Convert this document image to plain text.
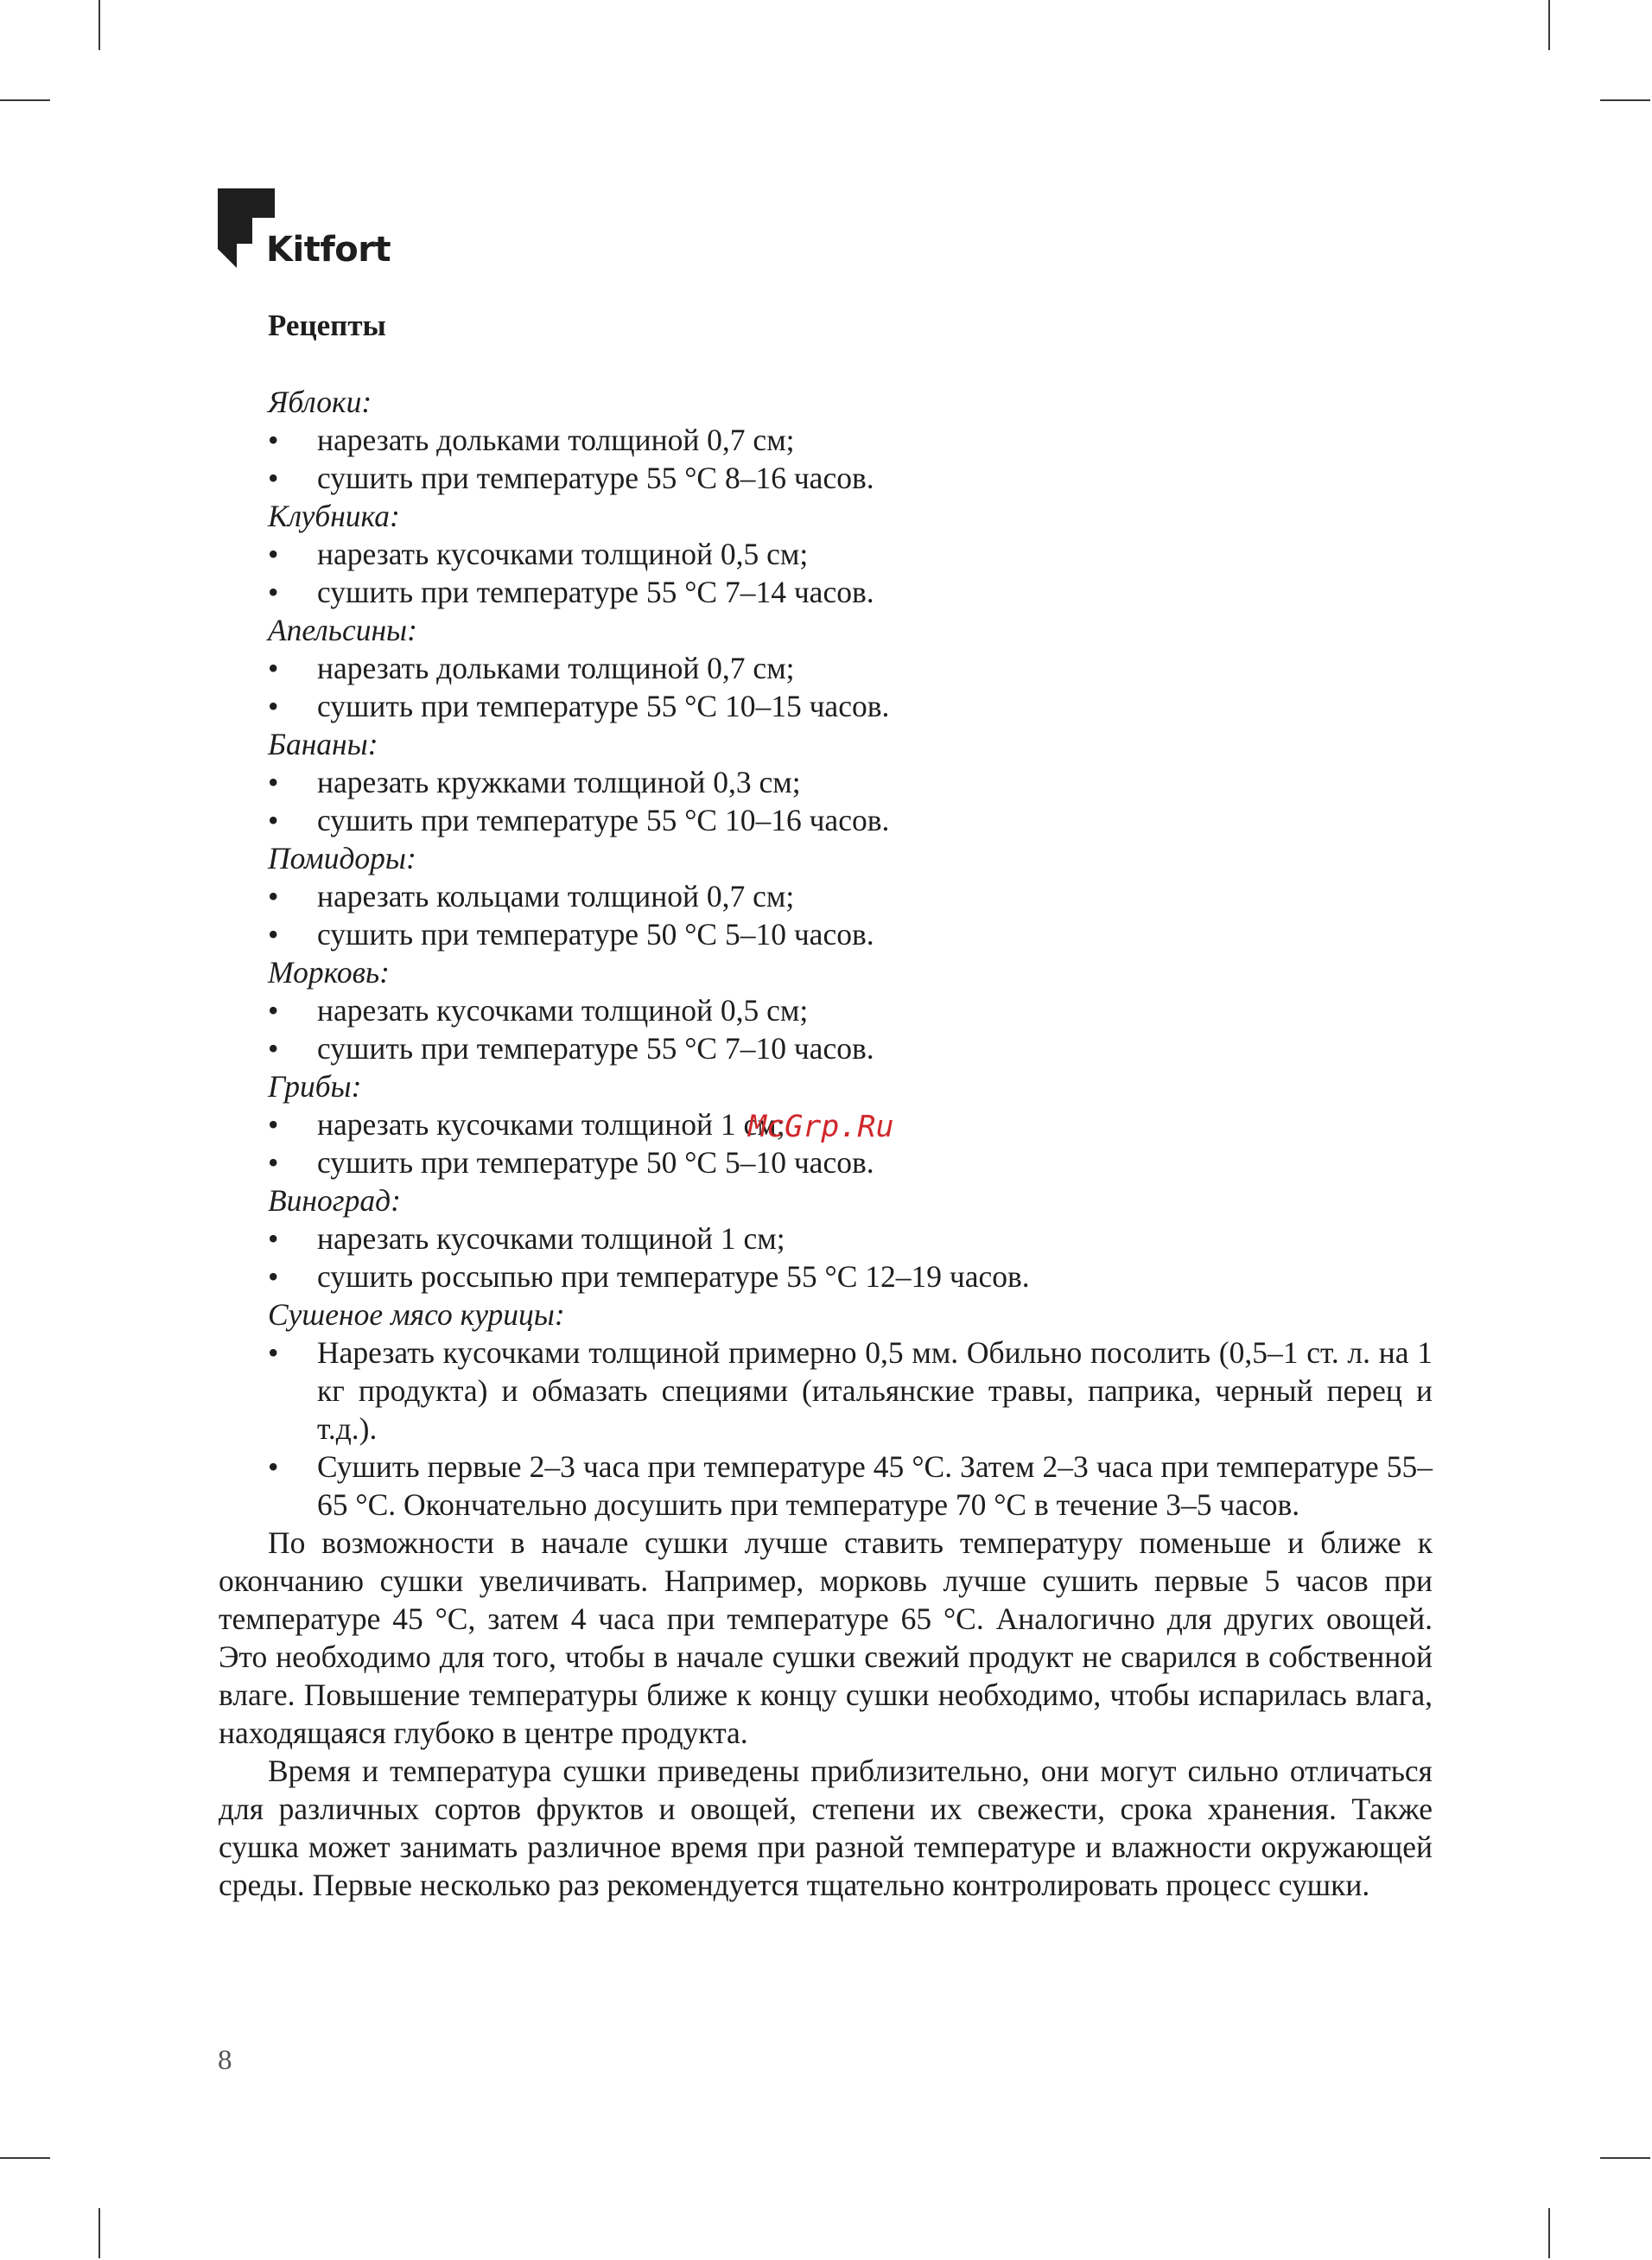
Kitfort
Рецепты
Яблоки:
• нарезать дольками толщиной 0,7 см;
• сушить при температуре 55 °С 8–16 часов.
Клубника:
• нарезать кусочками толщиной 0,5 см;
• сушить при температуре 55 °С 7–14 часов.
Апельсины:
• нарезать дольками толщиной 0,7 см;
• сушить при температуре 55 °С 10–15 часов.
Бананы:
• нарезать кружками толщиной 0,3 см;
• сушить при температуре 55 °С 10–16 часов.
Помидоры:
• нарезать кольцами толщиной 0,7 см;
• сушить при температуре 50 °С 5–10 часов.
Морковь:
• нарезать кусочками толщиной 0,5 см;
• сушить при температуре 55 °С 7–10 часов.
Грибы:
• нарезать кусочками толщиной 1 см;
• сушить при температуре 50 °С 5–10 часов.
Виноград:
• нарезать кусочками толщиной 1 см;
• сушить россыпью при температуре 55 °С 12–19 часов.
Сушеное мясо курицы:
• Нарезать кусочками толщиной примерно 0,5 мм. Обильно посолить (0,5–1 ст. л. на 1 кг продукта) и обмазать специями (итальянские травы, паприка, черный перец и т.д.).
• Сушить первые 2–3 часа при температуре 45 °С. Затем 2–3 часа при температуре 55–65 °С. Окончательно досушить при температуре 70 °С в течение 3–5 часов.

По возможности в начале сушки лучше ставить температуру поменьше и ближе к окончанию сушки увеличивать. Например, морковь лучше сушить первые 5 часов при температуре 45 °С, затем 4 часа при температуре 65 °С. Аналогично для других овощей. Это необходимо для того, чтобы в начале сушки свежий продукт не сварился в собственной влаге. Повышение температуры ближе к концу сушки необходимо, чтобы испарилась влага, находящаяся глубоко в центре продукта.

Время и температура сушки приведены приблизительно, они могут сильно отличаться для различных сортов фруктов и овощей, степени их свежести, срока хранения. Также сушка может занимать различное время при разной температуре и влажности окружающей среды. Первые несколько раз рекомендуется тщательно контролировать процесс сушки.

McGrp.Ru
8
